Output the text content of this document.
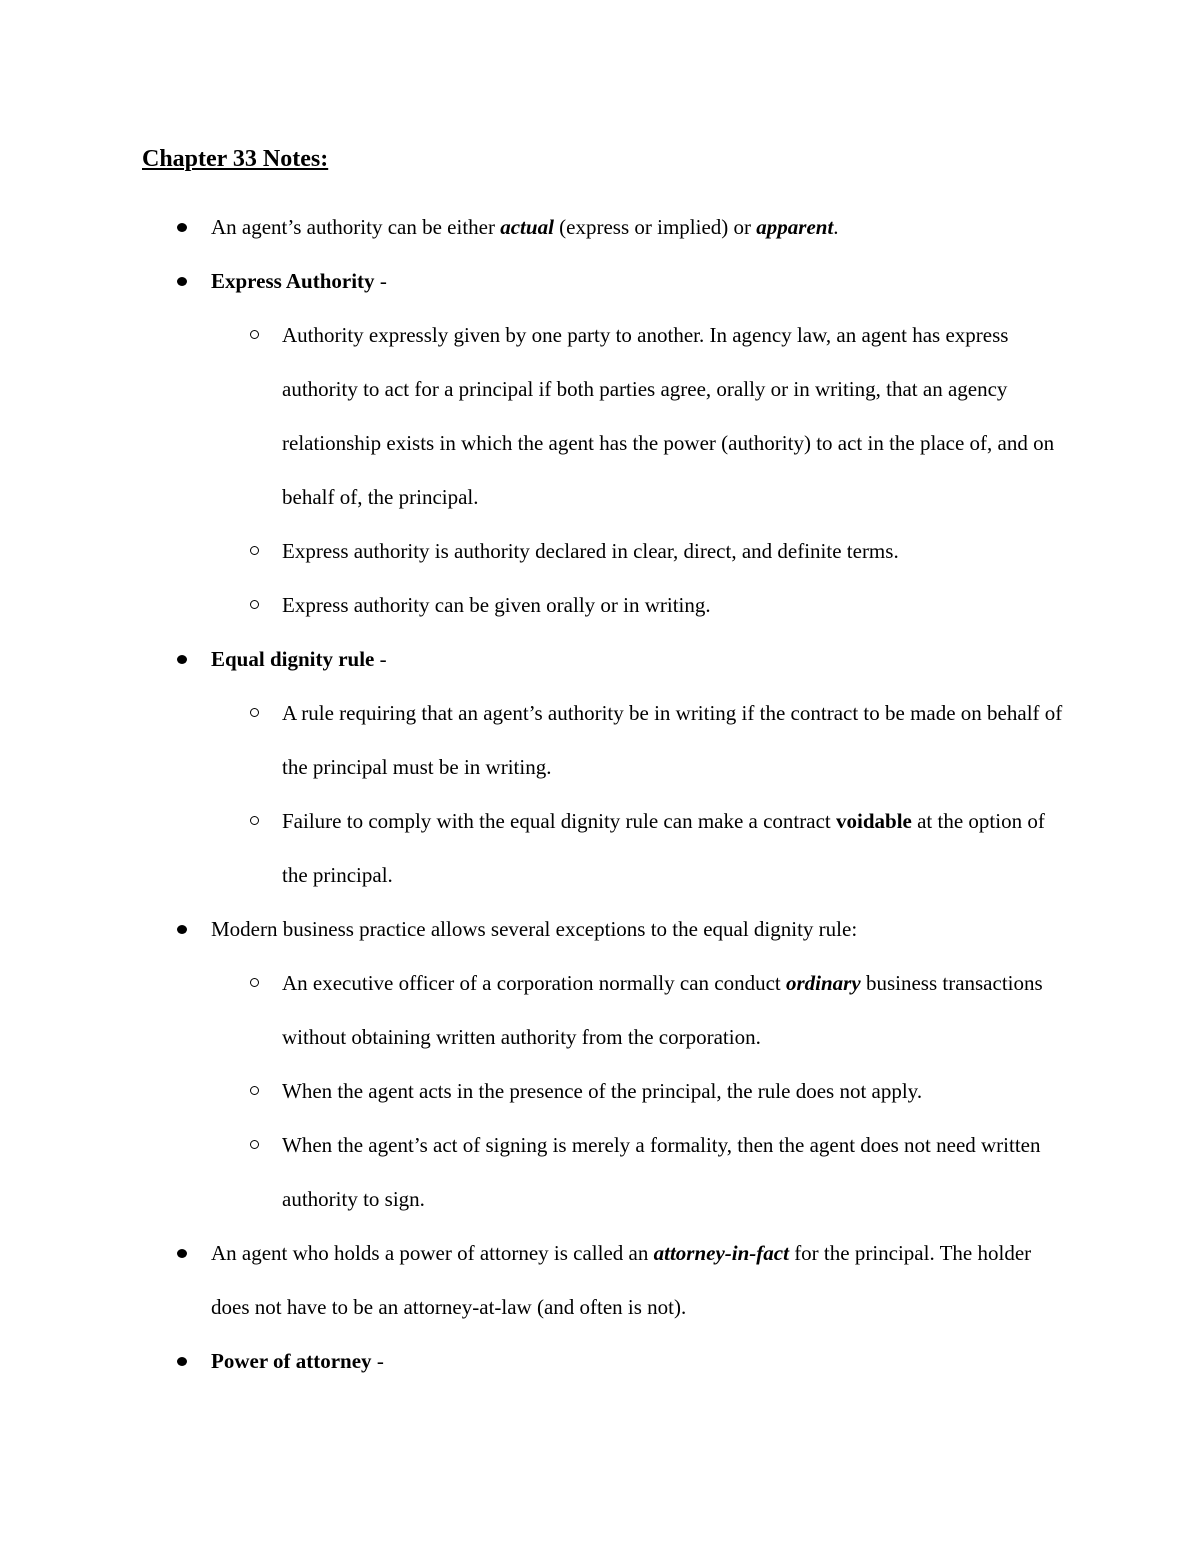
Chapter 33 Notes:
An agent’s authority can be either actual (express or implied) or apparent.
Express Authority -
Authority expressly given by one party to another. In agency law, an agent has express authority to act for a principal if both parties agree, orally or in writing, that an agency relationship exists in which the agent has the power (authority) to act in the place of, and on behalf of, the principal.
Express authority is authority declared in clear, direct, and definite terms.
Express authority can be given orally or in writing.
Equal dignity rule -
A rule requiring that an agent’s authority be in writing if the contract to be made on behalf of the principal must be in writing.
Failure to comply with the equal dignity rule can make a contract voidable at the option of the principal.
Modern business practice allows several exceptions to the equal dignity rule:
An executive officer of a corporation normally can conduct ordinary business transactions without obtaining written authority from the corporation.
When the agent acts in the presence of the principal, the rule does not apply.
When the agent’s act of signing is merely a formality, then the agent does not need written authority to sign.
An agent who holds a power of attorney is called an attorney-in-fact for the principal. The holder does not have to be an attorney-at-law (and often is not).
Power of attorney -
